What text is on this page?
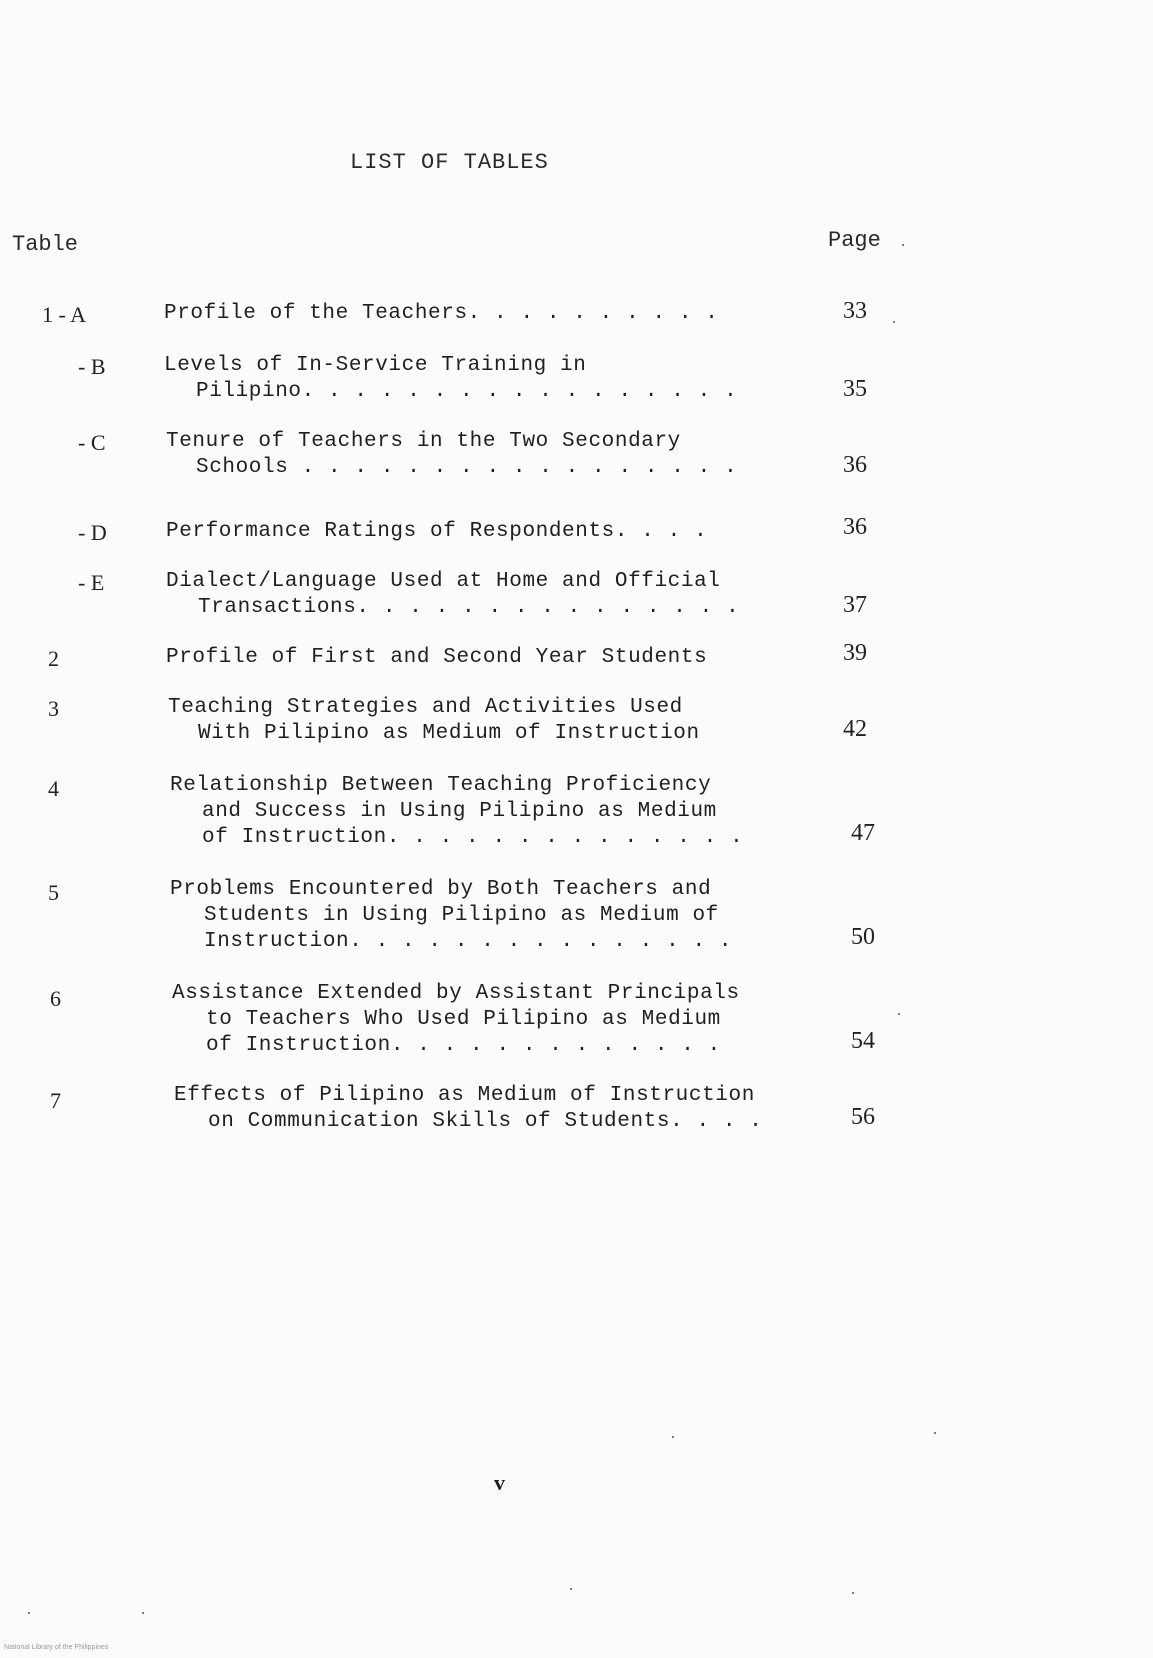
LIST OF TABLES
Table	Page
1 - A	Profile of the Teachers. . . . . . . . . .	33
- B	Levels of In-Service Training in
Pilipino. . . . . . . . . . . . . . . . .	35
- C	Tenure of Teachers in the Two Secondary
Schools . . . . . . . . . . . . . . . . .	36
- D	Performance Ratings of Respondents. . . .	36
- E	Dialect/Language Used at Home and Official
Transactions. . . . . . . . . . . . . . .	37
2	Profile of First and Second Year Students	39
3	Teaching Strategies and Activities Used
With Pilipino as Medium of Instruction	42
4	Relationship Between Teaching Proficiency
and Success in Using Pilipino as Medium
of Instruction. . . . . . . . . . . . . .	47
5	Problems Encountered by Both Teachers and
Students in Using Pilipino as Medium of
Instruction. . . . . . . . . . . . . . .	50
6	Assistance Extended by Assistant Principals
to Teachers Who Used Pilipino as Medium
of Instruction. . . . . . . . . . . . .	54
7	Effects of Pilipino as Medium of Instruction
on Communication Skills of Students. . . .	56
v
National Library of the Philippines
